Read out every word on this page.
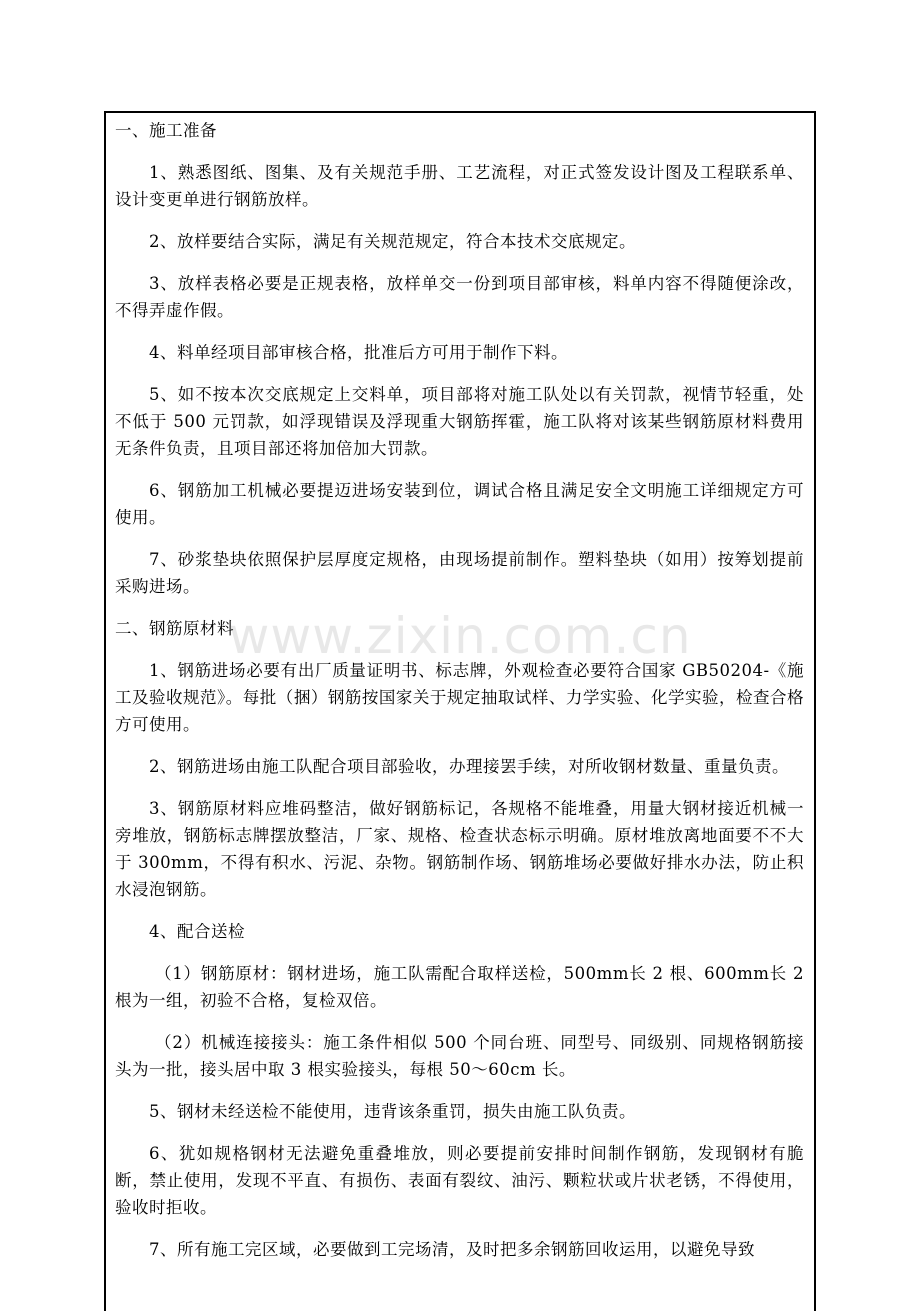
一、施工准备
1、熟悉图纸、图集、及有关规范手册、工艺流程，对正式签发设计图及工程联系单、设计变更单进行钢筋放样。
2、放样要结合实际，满足有关规范规定，符合本技术交底规定。
3、放样表格必要是正规表格，放样单交一份到项目部审核，料单内容不得随便涂改，不得弄虚作假。
4、料单经项目部审核合格，批准后方可用于制作下料。
5、如不按本次交底规定上交料单，项目部将对施工队处以有关罚款，视情节轻重，处不低于 500 元罚款，如浮现错误及浮现重大钢筋挥霍，施工队将对该某些钢筋原材料费用无条件负责，且项目部还将加倍加大罚款。
6、钢筋加工机械必要提迈进场安装到位，调试合格且满足安全文明施工详细规定方可使用。
7、砂浆垫块依照保护层厚度定规格，由现场提前制作。塑料垫块（如用）按筹划提前采购进场。
二、钢筋原材料
1、钢筋进场必要有出厂质量证明书、标志牌，外观检查必要符合国家 GB50204-《施工及验收规范》。每批（捆）钢筋按国家关于规定抽取试样、力学实验、化学实验，检查合格方可使用。
2、钢筋进场由施工队配合项目部验收，办理接罢手续，对所收钢材数量、重量负责。
3、钢筋原材料应堆码整洁，做好钢筋标记，各规格不能堆叠，用量大钢材接近机械一旁堆放，钢筋标志牌摆放整洁，厂家、规格、检查状态标示明确。原材堆放离地面要不不大于 300mm，不得有积水、污泥、杂物。钢筋制作场、钢筋堆场必要做好排水办法，防止积水浸泡钢筋。
4、配合送检
（1）钢筋原材：钢材进场，施工队需配合取样送检，500mm长 2 根、600mm长 2 根为一组，初验不合格，复检双倍。
（2）机械连接接头：施工条件相似 500 个同台班、同型号、同级别、同规格钢筋接头为一批，接头居中取 3 根实验接头，每根 50～60cm 长。
5、钢材未经送检不能使用，违背该条重罚，损失由施工队负责。
6、犹如规格钢材无法避免重叠堆放，则必要提前安排时间制作钢筋，发现钢材有脆断，禁止使用，发现不平直、有损伤、表面有裂纹、油污、颗粒状或片状老锈，不得使用，验收时拒收。
7、所有施工完区域，必要做到工完场清，及时把多余钢筋回收运用，以避免导致
www.zixin.com.cn
